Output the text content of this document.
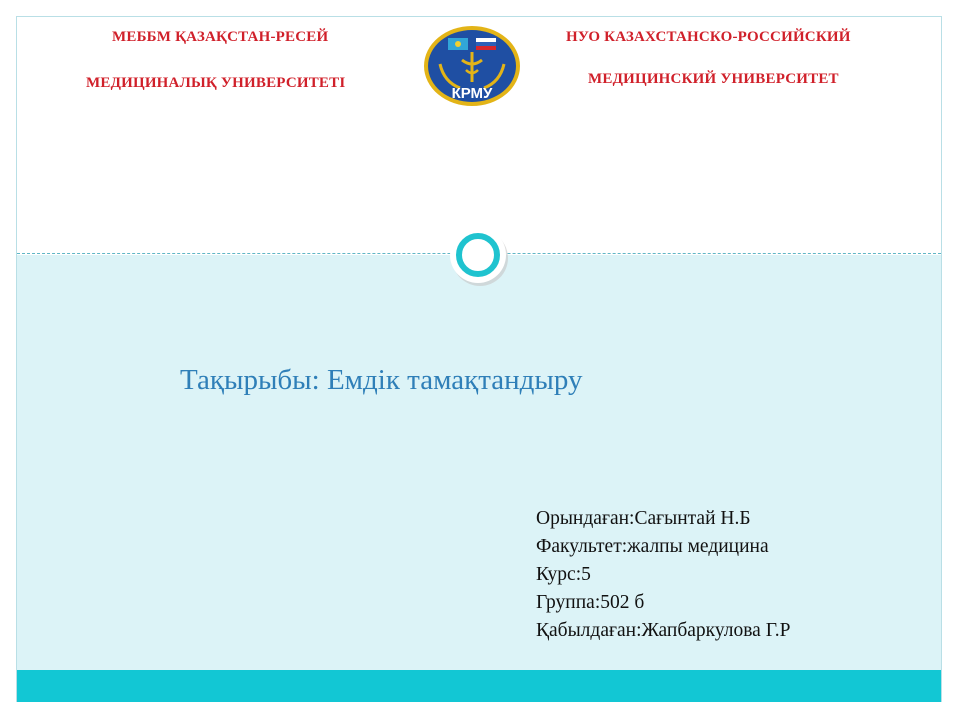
МЕББМ ҚАЗАҚСТАН-РЕСЕЙ
МЕДИЦИНАЛЫҚ УНИВЕРСИТЕТІ
НУО КАЗАХСТАНСКО-РОССИЙСКИЙ
МЕДИЦИНСКИЙ УНИВЕРСИТЕТ
КРМУ
Тақырыбы: Емдік тамақтандыру
Орындаған:Сағынтай Н.Б
Факультет:жалпы медицина
Курс:5
Группа:502 б
Қабылдаған:Жапбаркулова Г.Р
